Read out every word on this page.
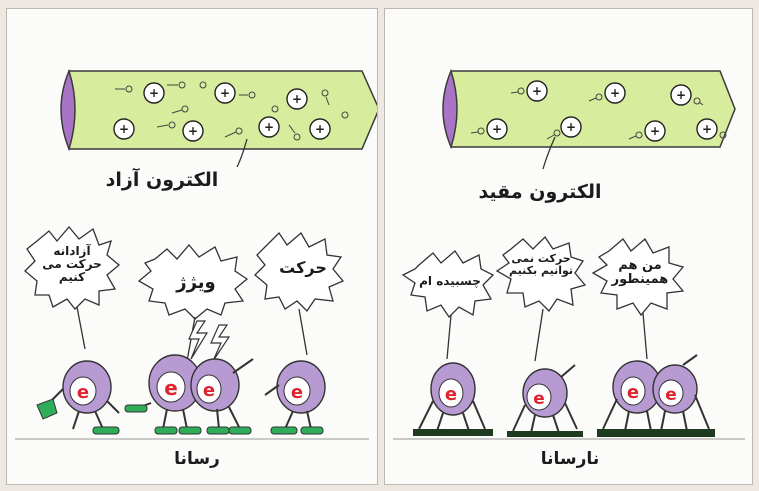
+	+	+
+	+	+	+
e	e e	e
الکترون آزاد
آزادانه حرکت می کنیم	ویژژ
حرکت
رسانا
+	+	+
+	+	+	+
e	e	e e
الکترون مقید
چسبیده ام
حرکت نمی توانیم بکنیم	من هم همینطور
نارسانا
